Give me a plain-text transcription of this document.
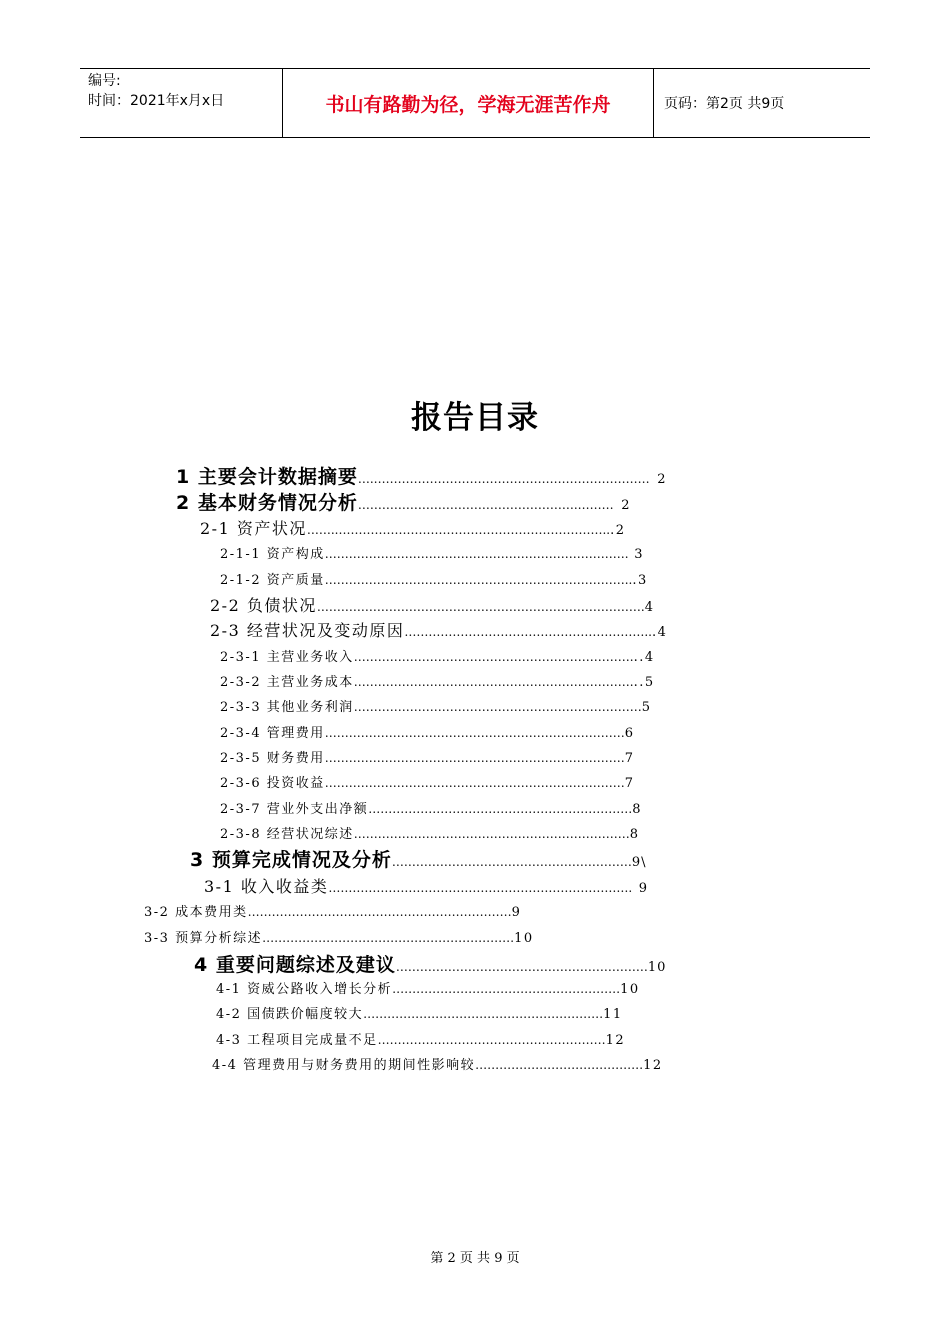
编号:
时间：2021年x月x日	书山有路勤为径，学海无涯苦作舟	页码：第2页 共9页
报告目录
1 主要会计数据摘要….…………………………………………………………… 2
2 基本财务情况分析……………………………………………….……… 2
2-1 资产状况……..…………………………………………………………...2
2-1-1 资产构成…………………………………………………………………. 3
2-1-2 资产质量…………………………………………………………………...3
2-2 负债状况……………………………………………………………………….4
2-3 经营状况及变动原因……………………………………………………...4
2-3-1 主营业务收入……………………………………………………………...4
2-3-2 主营业务成本……………………………………………………………...5
2-3-3 其他业务利润………………………………………………………………5
2-3-4 管理费用…………………………………………………………………6
2-3-5 财务费用…………………………………………………………………7
2-3-6 投资收益…………………………………………………………………7
2-3-7 营业外支出净额…………………………………………………………8
2-3-8 经营状况综述……………………………………………………………8
3 预算完成情况及分析……………………………………………………9\
3-1 收入收益类…………………………………………………………………. 9
3-2 成本费用类…………………………………………………………9
3-3 预算分析综述………………………………………………………10
4 重要问题综述及建议………………………………………………………10
4-1 资威公路收入增长分析…………………………………………………10
4-2 国债跌价幅度较大……………………………………………………11
4-3 工程项目完成量不足…………………………………………………12
4-4 管理费用与财务费用的期间性影响较……………………………………12
第 2 页 共 9 页
